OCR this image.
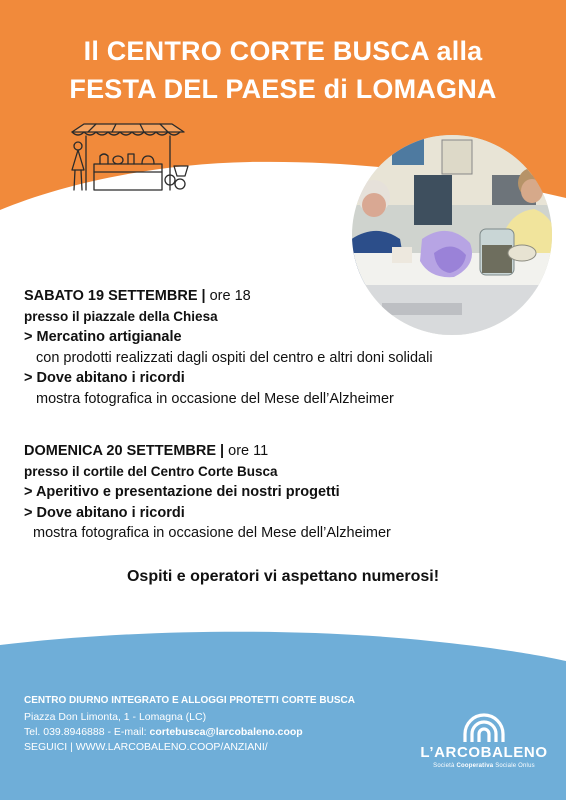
Il CENTRO CORTE BUSCA alla
FESTA DEL PAESE di LOMAGNA
SABATO 19 SETTEMBRE | ore 18
presso il piazzale della Chiesa
> Mercatino artigianale
con prodotti realizzati dagli ospiti del centro e altri doni solidali
> Dove abitano i ricordi
mostra fotografica in occasione del Mese dell’Alzheimer
DOMENICA 20 SETTEMBRE | ore 11
presso il cortile del Centro Corte Busca
> Aperitivo e presentazione dei nostri progetti
> Dove abitano i ricordi
mostra fotografica in occasione del Mese dell’Alzheimer
Ospiti e operatori vi aspettano numerosi!
CENTRO DIURNO INTEGRATO E ALLOGGI PROTETTI CORTE BUSCA
Piazza Don Limonta, 1 - Lomagna (LC)
Tel. 039.8946888 - E-mail: cortebusca@larcobaleno.coop
SEGUICI | WWW.LARCOBALENO.COOP/ANZIANI/	L’ARCOBALENO
Società Cooperativa Sociale Onlus
